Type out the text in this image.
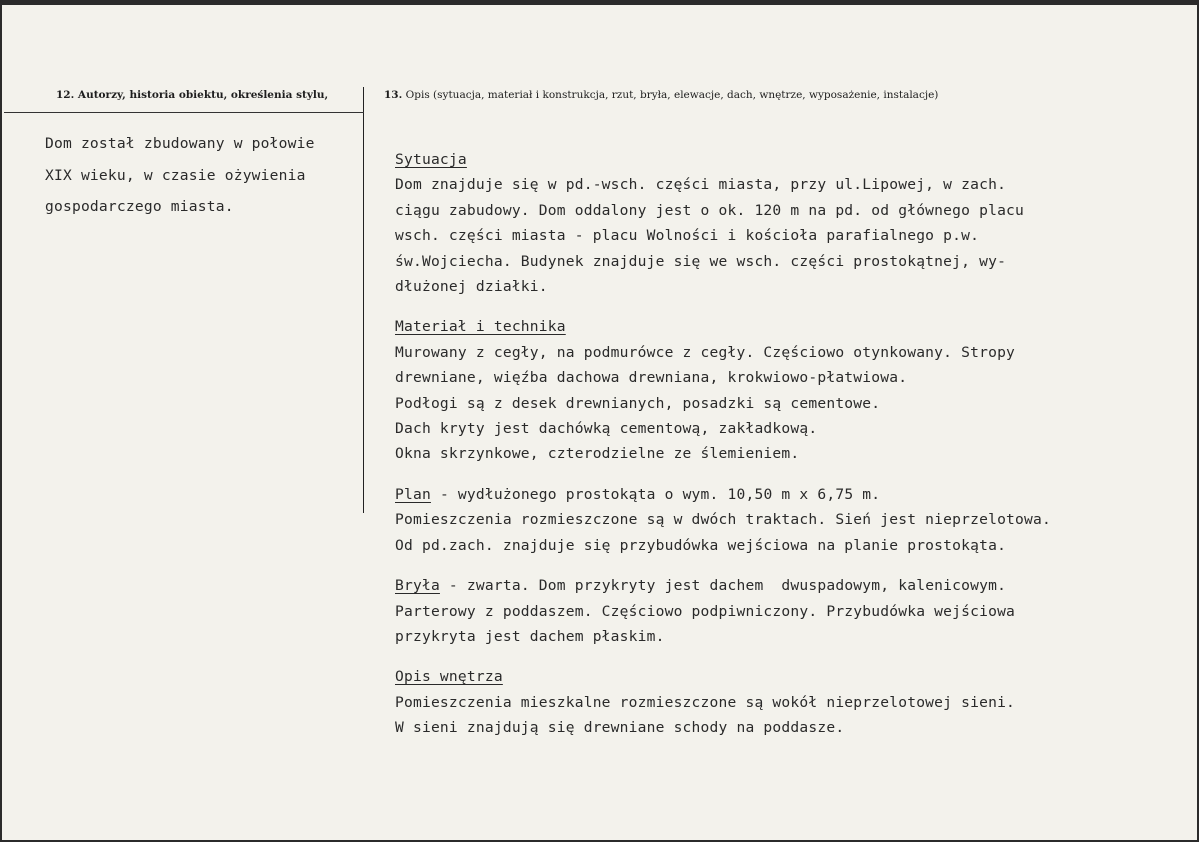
12. Autorzy, historia obiektu, określenia stylu,	13. Opis (sytuacja, materiał i konstrukcja, rzut, bryła, elewacje, dach, wnętrze, wyposażenie, instalacje)
Dom został zbudowany w połowie
XIX wieku, w czasie ożywienia
gospodarczego miasta.
Sytuacja
Dom znajduje się w pd.-wsch. części miasta, przy ul.Lipowej, w zach.
ciągu zabudowy. Dom oddalony jest o ok. 120 m na pd. od głównego placu
wsch. części miasta - placu Wolności i kościoła parafialnego p.w.
św.Wojciecha. Budynek znajduje się we wsch. części prostokątnej, wy-
dłużonej działki.
Materiał i technika
Murowany z cegły, na podmurówce z cegły. Częściowo otynkowany. Stropy
drewniane, więźba dachowa drewniana, krokwiowo-płatwiowa.
Podłogi są z desek drewnianych, posadzki są cementowe.
Dach kryty jest dachówką cementową, zakładkową.
Okna skrzynkowe, czterodzielne ze ślemieniem.
Plan - wydłużonego prostokąta o wym. 10,50 m x 6,75 m.
Pomieszczenia rozmieszczone są w dwóch traktach. Sień jest nieprzelotowa.
Od pd.zach. znajduje się przybudówka wejściowa na planie prostokąta.
Bryła - zwarta. Dom przykryty jest dachem  dwuspadowym, kalenicowym.
Parterowy z poddaszem. Częściowo podpiwniczony. Przybudówka wejściowa
przykryta jest dachem płaskim.
Opis wnętrza
Pomieszczenia mieszkalne rozmieszczone są wokół nieprzelotowej sieni.
W sieni znajdują się drewniane schody na poddasze.
